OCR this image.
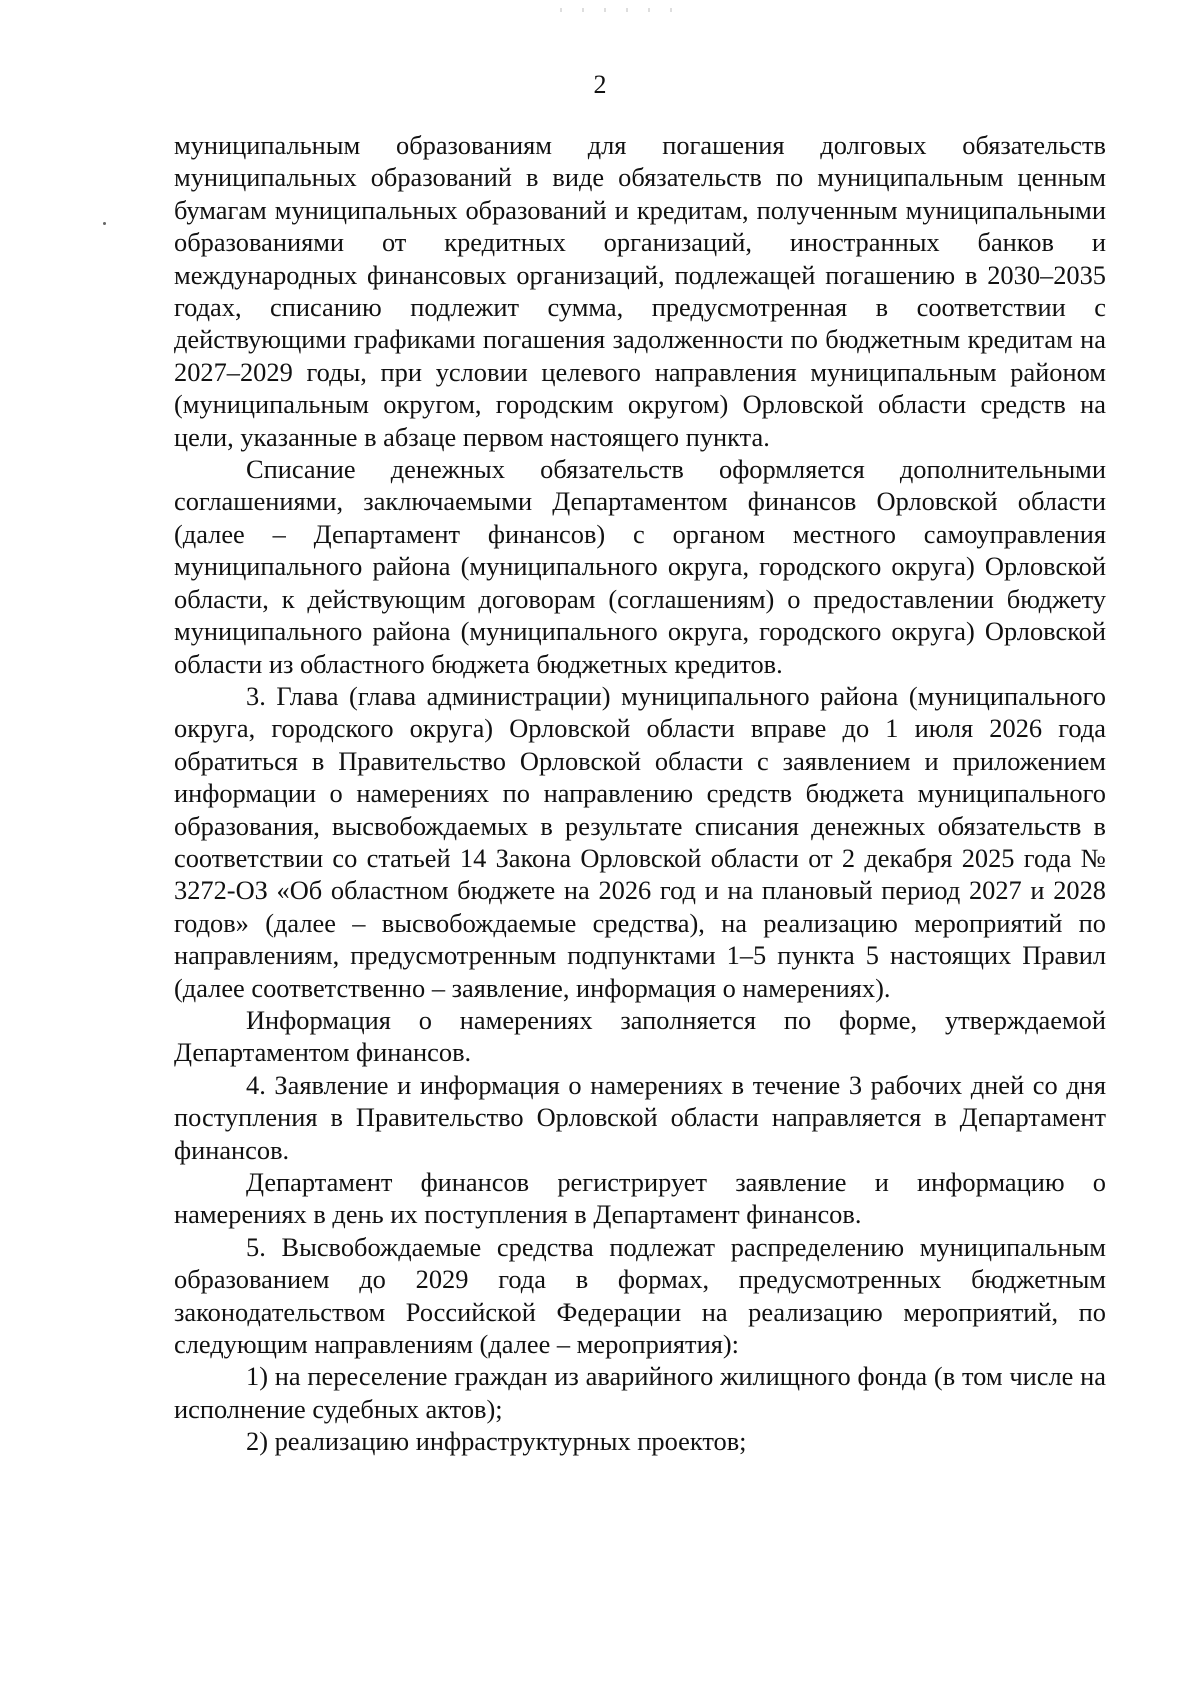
2

муниципальным образованиям для погашения долговых обязательств муниципальных образований в виде обязательств по муниципальным ценным бумагам муниципальных образований и кредитам, полученным муниципальными образованиями от кредитных организаций, иностранных банков и международных финансовых организаций, подлежащей погашению в 2030–2035 годах, списанию подлежит сумма, предусмотренная в соответствии с действующими графиками погашения задолженности по бюджетным кредитам на 2027–2029 годы, при условии целевого направления муниципальным районом (муниципальным округом, городским округом) Орловской области средств на цели, указанные в абзаце первом настоящего пункта.

Списание денежных обязательств оформляется дополнительными соглашениями, заключаемыми Департаментом финансов Орловской области (далее – Департамент финансов) с органом местного самоуправления муниципального района (муниципального округа, городского округа) Орловской области, к действующим договорам (соглашениям) о предоставлении бюджету муниципального района (муниципального округа, городского округа) Орловской области из областного бюджета бюджетных кредитов.

3. Глава (глава администрации) муниципального района (муниципального округа, городского округа) Орловской области вправе до 1 июля 2026 года обратиться в Правительство Орловской области с заявлением и приложением информации о намерениях по направлению средств бюджета муниципального образования, высвобождаемых в результате списания денежных обязательств в соответствии со статьей 14 Закона Орловской области от 2 декабря 2025 года № 3272-ОЗ «Об областном бюджете на 2026 год и на плановый период 2027 и 2028 годов» (далее – высвобождаемые средства), на реализацию мероприятий по направлениям, предусмотренным подпунктами 1–5 пункта 5 настоящих Правил (далее соответственно – заявление, информация о намерениях).

Информация о намерениях заполняется по форме, утверждаемой Департаментом финансов.

4. Заявление и информация о намерениях в течение 3 рабочих дней со дня поступления в Правительство Орловской области направляется в Департамент финансов.

Департамент финансов регистрирует заявление и информацию о намерениях в день их поступления в Департамент финансов.

5. Высвобождаемые средства подлежат распределению муниципальным образованием до 2029 года в формах, предусмотренных бюджетным законодательством Российской Федерации на реализацию мероприятий, по следующим направлениям (далее – мероприятия):

1) на переселение граждан из аварийного жилищного фонда (в том числе на исполнение судебных актов);

2) реализацию инфраструктурных проектов;
